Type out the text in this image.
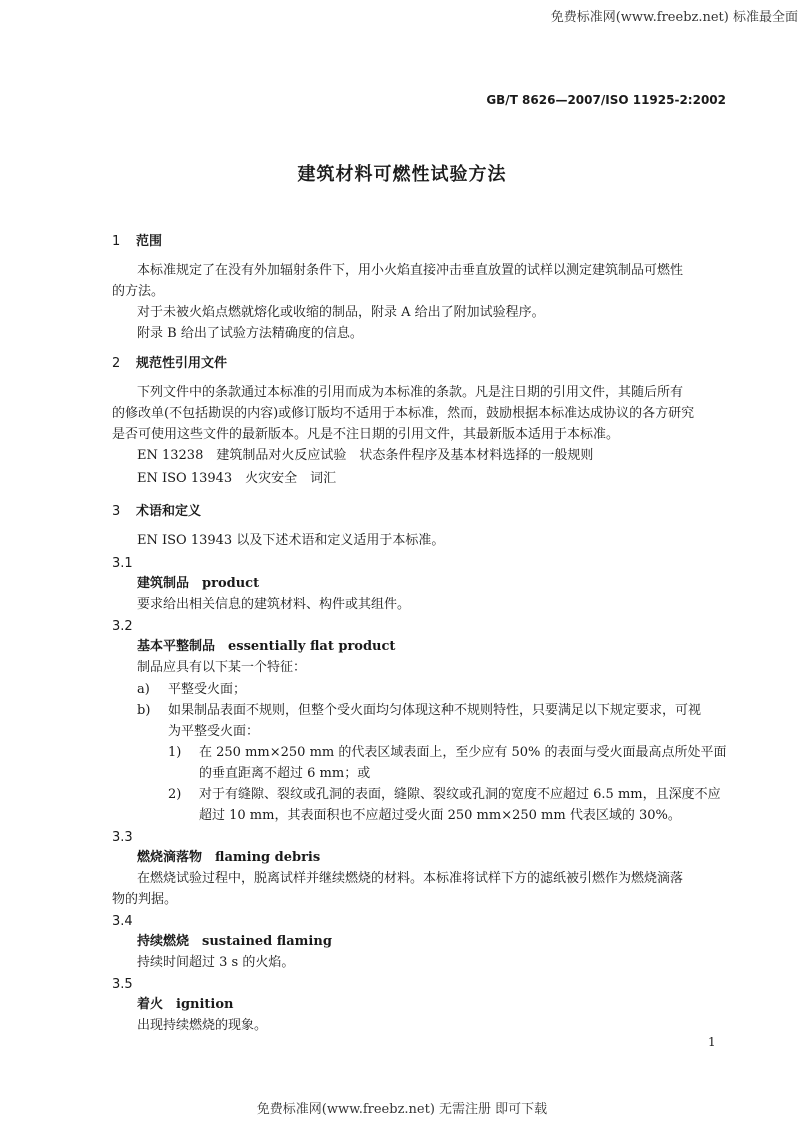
免费标准网(www.freebz.net) 标准最全面
GB/T 8626—2007/ISO 11925-2:2002
建筑材料可燃性试验方法
1 范围
本标准规定了在没有外加辐射条件下，用小火焰直接冲击垂直放置的试样以测定建筑制品可燃性
的方法。
对于未被火焰点燃就熔化或收缩的制品，附录 A 给出了附加试验程序。
附录 B 给出了试验方法精确度的信息。
2 规范性引用文件
下列文件中的条款通过本标准的引用而成为本标准的条款。凡是注日期的引用文件，其随后所有
的修改单(不包括勘误的内容)或修订版均不适用于本标准，然而，鼓励根据本标准达成协议的各方研究
是否可使用这些文件的最新版本。凡是不注日期的引用文件，其最新版本适用于本标准。
EN 13238　建筑制品对火反应试验　状态条件程序及基本材料选择的一般规则
EN ISO 13943　火灾安全　词汇
3 术语和定义
EN ISO 13943 以及下述术语和定义适用于本标准。
3.1
建筑制品　product
要求给出相关信息的建筑材料、构件或其组件。
3.2
基本平整制品　essentially flat product
制品应具有以下某一个特征：
a) 平整受火面；
b) 如果制品表面不规则，但整个受火面均匀体现这种不规则特性，只要满足以下规定要求，可视
为平整受火面：
1) 在 250 mm×250 mm 的代表区域表面上，至少应有 50% 的表面与受火面最高点所处平面
的垂直距离不超过 6 mm；或
2) 对于有缝隙、裂纹或孔洞的表面，缝隙、裂纹或孔洞的宽度不应超过 6.5 mm，且深度不应
超过 10 mm，其表面积也不应超过受火面 250 mm×250 mm 代表区域的 30%。
3.3
燃烧滴落物　flaming debris
在燃烧试验过程中，脱离试样并继续燃烧的材料。本标准将试样下方的滤纸被引燃作为燃烧滴落
物的判据。
3.4
持续燃烧　sustained flaming
持续时间超过 3 s 的火焰。
3.5
着火　ignition
出现持续燃烧的现象。
1
免费标准网(www.freebz.net) 无需注册 即可下载
